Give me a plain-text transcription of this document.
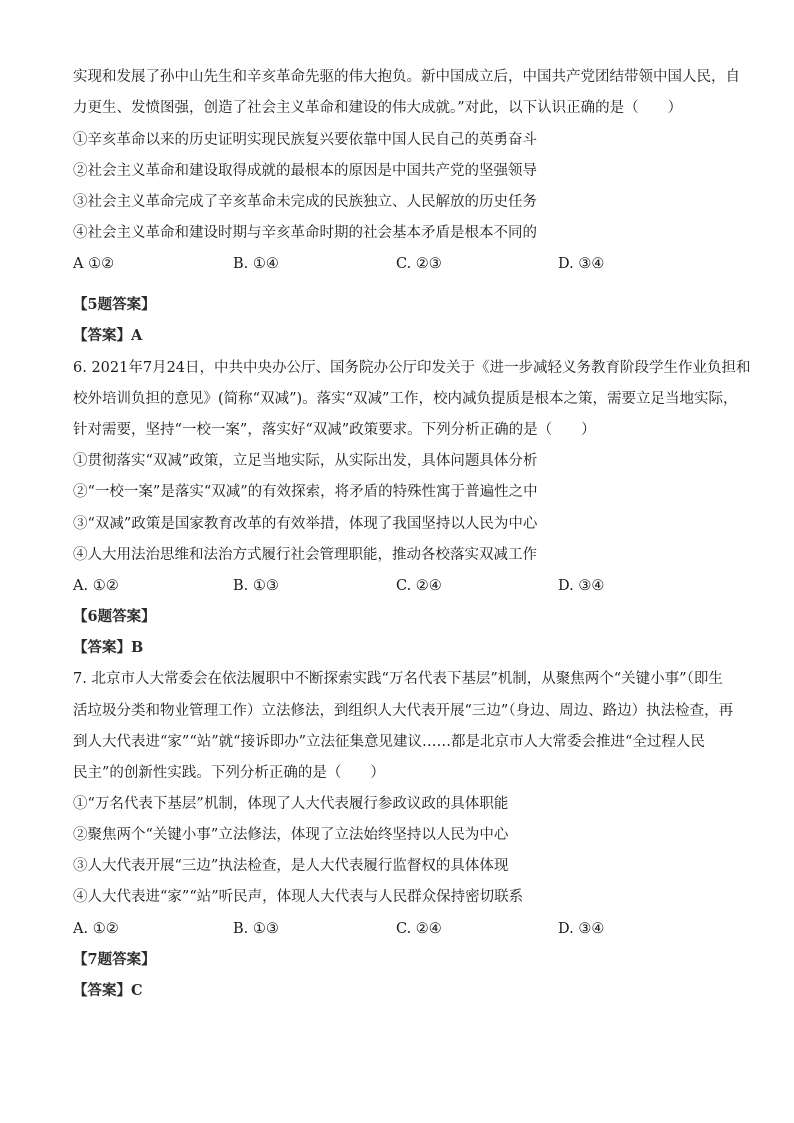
实现和发展了孙中山先生和辛亥革命先驱的伟大抱负。新中国成立后，中国共产党团结带领中国人民，自
力更生、发愤图强，创造了社会主义革命和建设的伟大成就。”对此，以下认识正确的是（　　）
①辛亥革命以来的历史证明实现民族复兴要依靠中国人民自己的英勇奋斗
②社会主义革命和建设取得成就的最根本的原因是中国共产党的坚强领导
③社会主义革命完成了辛亥革命未完成的民族独立、人民解放的历史任务
④社会主义革命和建设时期与辛亥革命时期的社会基本矛盾是根本不同的
A ①②	B. ①④	C. ②③	D. ③④
【5题答案】
【答案】A
6. 2021年7月24日，中共中央办公厅、国务院办公厅印发关于《进一步减轻义务教育阶段学生作业负担和
校外培训负担的意见》(简称“双减”)。落实“双减”工作，校内减负提质是根本之策，需要立足当地实际，
针对需要，坚持“一校一案”，落实好“双减”政策要求。下列分析正确的是（　　）
①贯彻落实“双减”政策，立足当地实际，从实际出发，具体问题具体分析
②“一校一案”是落实“双减”的有效探索，将矛盾的特殊性寓于普遍性之中
③“双减”政策是国家教育改革的有效举措，体现了我国坚持以人民为中心
④人大用法治思维和法治方式履行社会管理职能，推动各校落实双减工作
A. ①②	B. ①③	C. ②④	D. ③④
【6题答案】
【答案】B
7. 北京市人大常委会在依法履职中不断探索实践“万名代表下基层”机制，从聚焦两个“关键小事”（即生
活垃圾分类和物业管理工作）立法修法，到组织人大代表开展“三边”（身边、周边、路边）执法检查，再
到人大代表进“家”“站”就“接诉即办”立法征集意见建议……都是北京市人大常委会推进“全过程人民
民主”的创新性实践。下列分析正确的是（　　）
①“万名代表下基层”机制，体现了人大代表履行参政议政的具体职能
②聚焦两个“关键小事”立法修法，体现了立法始终坚持以人民为中心
③人大代表开展“三边”执法检查，是人大代表履行监督权的具体体现
④人大代表进“家”“站”听民声，体现人大代表与人民群众保持密切联系
A. ①②	B. ①③	C. ②④	D. ③④
【7题答案】
【答案】C
